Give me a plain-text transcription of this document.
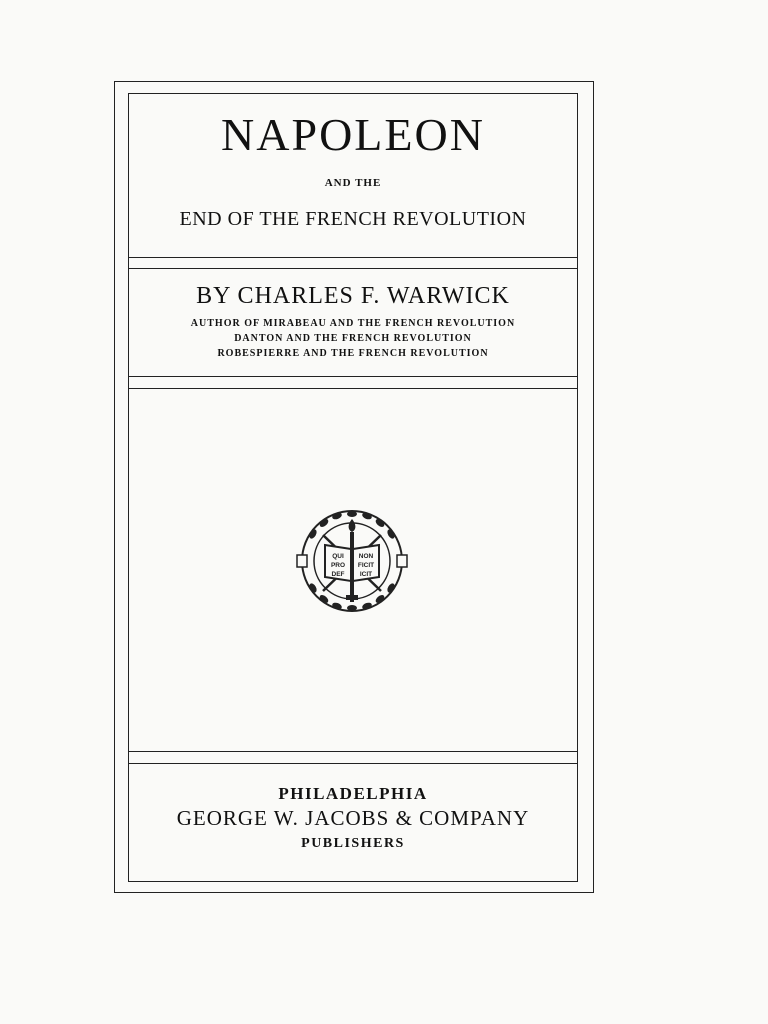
NAPOLEON
AND THE
END OF THE FRENCH REVOLUTION
BY CHARLES F. WARWICK
AUTHOR OF MIRABEAU AND THE FRENCH REVOLUTION
DANTON AND THE FRENCH REVOLUTION
ROBESPIERRE AND THE FRENCH REVOLUTION
QUI NON
PRO FICIT
DEF ICIT
PHILADELPHIA
GEORGE W. JACOBS & COMPANY
PUBLISHERS
